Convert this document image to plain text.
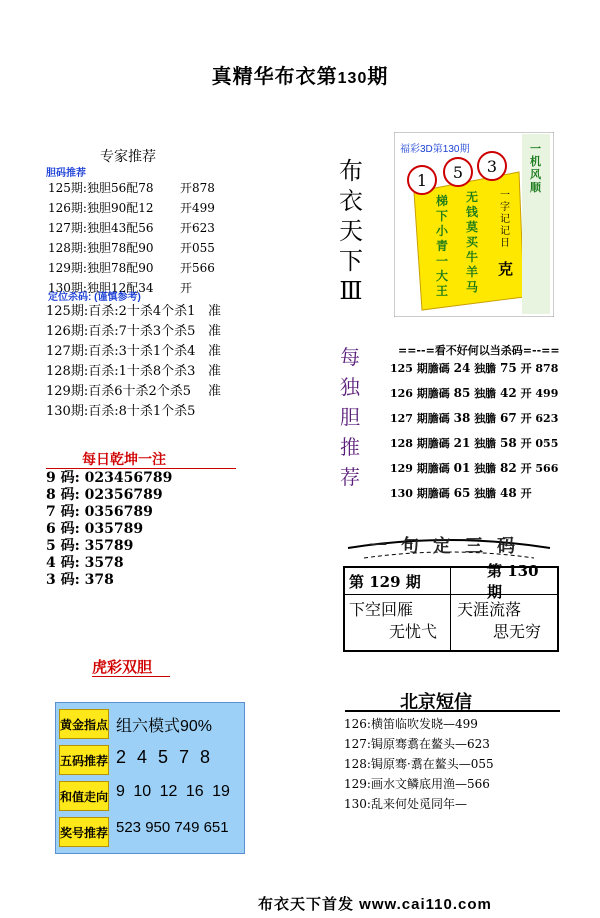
真精华布衣第130期
专家推荐
胆码推荐
125期:独胆56配78 开878
126期:独胆90配12 开499
127期:独胆43配56 开623
128期:独胆78配90 开055
129期:独胆78配90 开566
130期:独胆12配34 开
定位杀码: (谨慎参考)
125期:百杀:2十杀4个杀1 准
126期:百杀:7十杀3个杀5 准
127期:百杀:3十杀1个杀4 准
128期:百杀:1十杀8个杀3 准
129期:百杀6十杀2个杀5 准
130期:百杀:8十杀1个杀5
每日乾坤一注
9 码: 023456789
8 码: 02356789
7 码: 0356789
6 码: 035789
5 码: 35789
4 码: 3578
3 码: 378
虎彩双胆
黄金指点 组六模式90%
五码推荐 2 4 5 7 8
和值走向 9 10 12 16 19
奖号推荐 523 950 749 651
布
衣
天
下
Ⅲ
福彩3D第130期	一机风顺
1 5 3
梯下小青一大王
无钱莫买牛羊马
一字记记日
克
每
独
胆
推
荐
==--=看不好何以当杀码=--==
125 期膽碼 24 独膽 75 开 878
126 期膽碼 85 独膽 42 开 499
127 期膽碼 38 独膽 67 开 623
128 期膽碼 21 独膽 58 开 055
129 期膽碼 01 独膽 82 开 566
130 期膽碼 65 独膽 48 开
一句定三码
第 129 期
第 130 期
下空回雁
无忧弋
天涯流落
思无穷
北京短信
126:横笛临吹发晓—499
127:锔原骞翥在鳌头—623
128:锔原骞·翥在鳌头—055
129:画水文鳞底用渔—566
130:乱来何处觅同年—
布衣天下首发 www.cai110.com
